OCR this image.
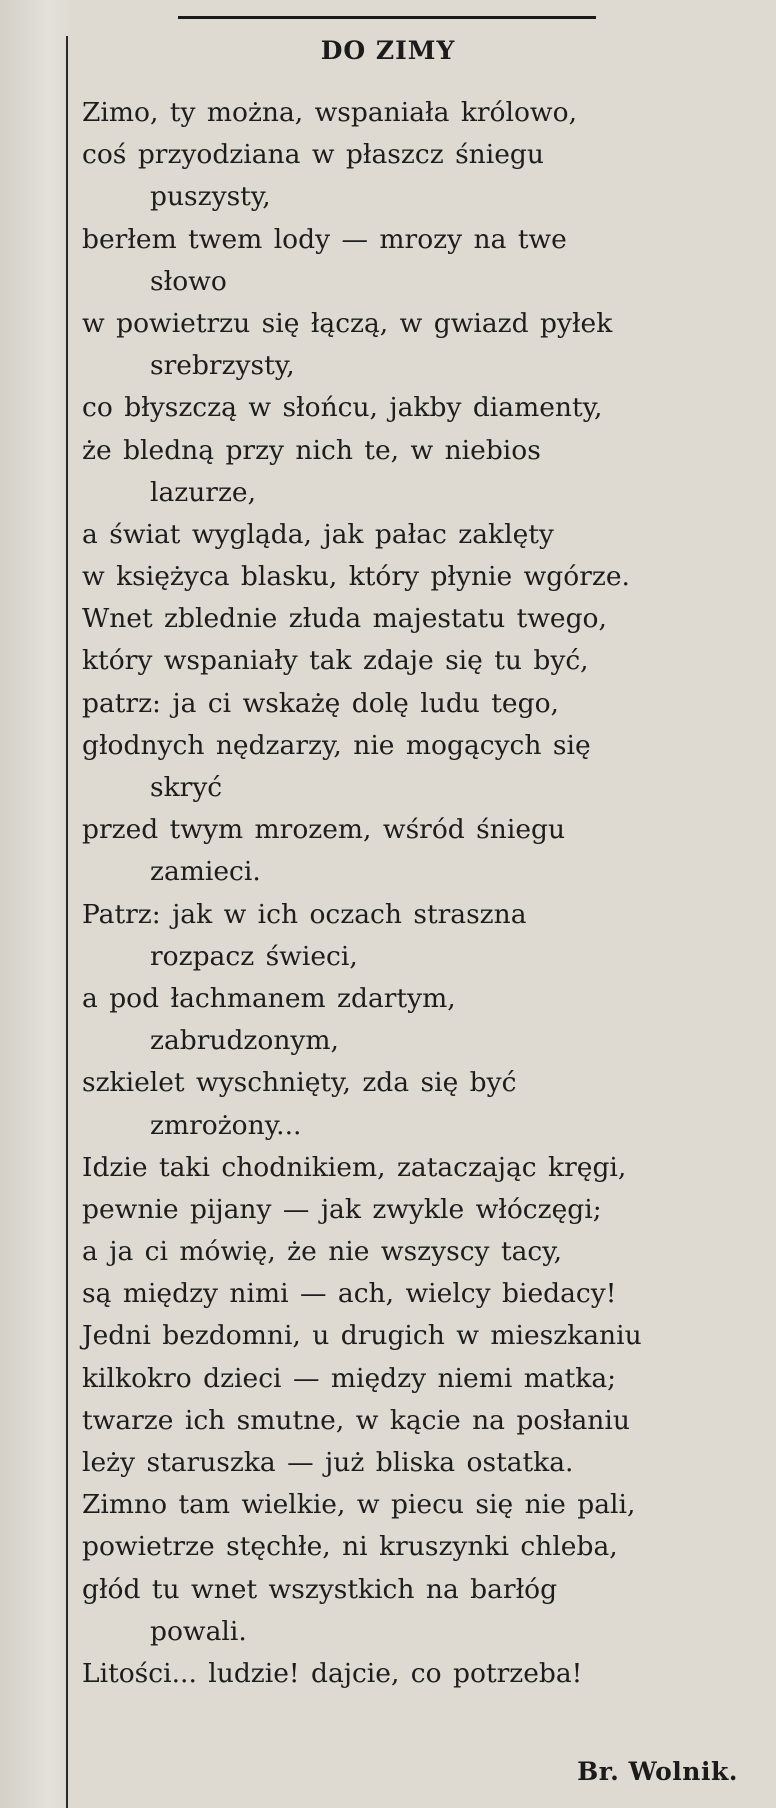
DO ZIMY
Zimo, ty można, wspaniała królowo,
coś przyodziana w płaszcz śniegu
puszysty,
berłem twem lody — mrozy na twe
słowo
w powietrzu się łączą, w gwiazd pyłek
srebrzysty,
co błyszczą w słońcu, jakby diamenty,
że bledną przy nich te, w niebios
lazurze,
a świat wygląda, jak pałac zaklęty
w księżyca blasku, który płynie wgórze.
Wnet zblednie złuda majestatu twego,
który wspaniały tak zdaje się tu być,
patrz: ja ci wskażę dolę ludu tego,
głodnych nędzarzy, nie mogących się
skryć
przed twym mrozem, wśród śniegu
zamieci.
Patrz: jak w ich oczach straszna
rozpacz świeci,
a pod łachmanem zdartym,
zabrudzonym,
szkielet wyschnięty, zda się być
zmrożony...
Idzie taki chodnikiem, zataczając kręgi,
pewnie pijany — jak zwykle włóczęgi;
a ja ci mówię, że nie wszyscy tacy,
są między nimi — ach, wielcy biedacy!
Jedni bezdomni, u drugich w mieszkaniu
kilkokro dzieci — między niemi matka;
twarze ich smutne, w kącie na posłaniu
leży staruszka — już bliska ostatka.
Zimno tam wielkie, w piecu się nie pali,
powietrze stęchłe, ni kruszynki chleba,
głód tu wnet wszystkich na barłóg
powali.
Litości... ludzie! dajcie, co potrzeba!
Br. Wolnik.
